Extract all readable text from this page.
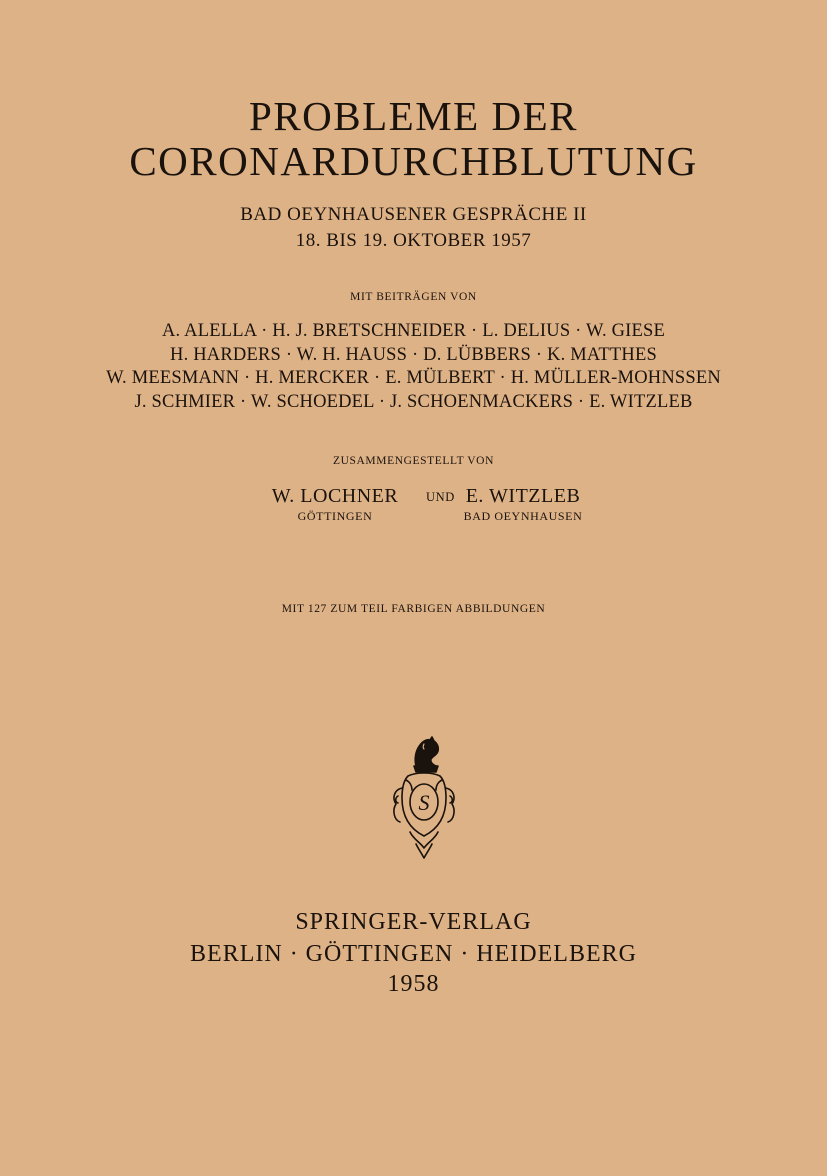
PROBLEME DER
CORONARDURCHBLUTUNG
BAD OEYNHAUSENER GESPRÄCHE II
18. BIS 19. OKTOBER 1957
MIT BEITRÄGEN VON
A. ALELLA · H. J. BRETSCHNEIDER · L. DELIUS · W. GIESE
H. HARDERS · W. H. HAUSS · D. LÜBBERS · K. MATTHES
W. MEESMANN · H. MERCKER · E. MÜLBERT · H. MÜLLER-MOHNSSEN
J. SCHMIER · W. SCHOEDEL · J. SCHOENMACKERS · E. WITZLEB
ZUSAMMENGESTELLT VON
W. LOCHNER
GÖTTINGEN
UND E. WITZLEB
BAD OEYNHAUSEN
MIT 127 ZUM TEIL FARBIGEN ABBILDUNGEN
S
SPRINGER-VERLAG
BERLIN · GÖTTINGEN · HEIDELBERG
1958
